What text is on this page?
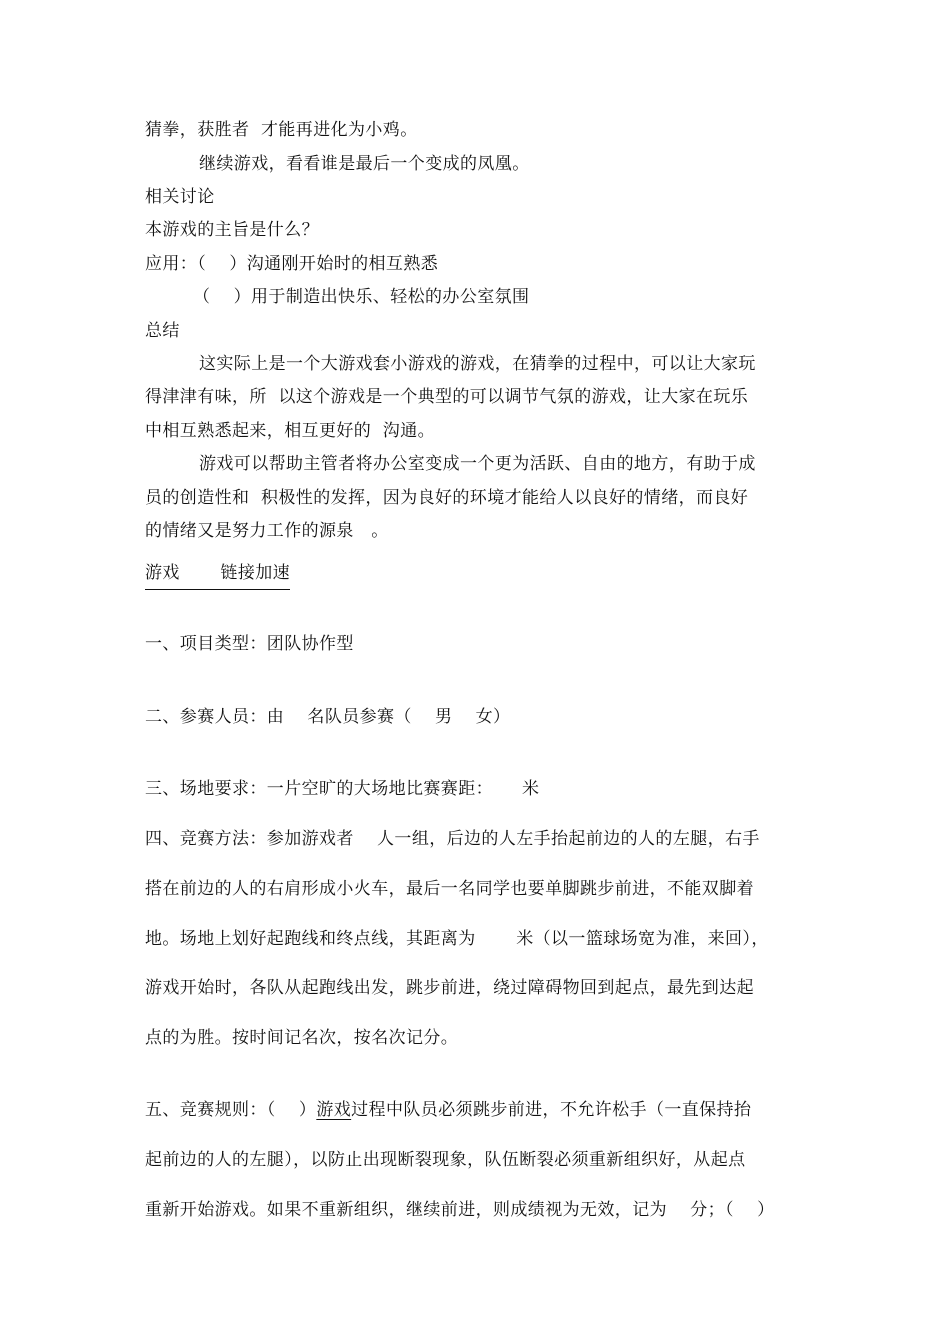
猜拳，获胜者  才能再进化为小鸡。
继续游戏，看看谁是最后一个变成的凤凰。
相关讨论
本游戏的主旨是什么？
应用：（    ）沟通刚开始时的相互熟悉
（    ）用于制造出快乐、轻松的办公室氛围
总结
这实际上是一个大游戏套小游戏的游戏，在猜拳的过程中，可以让大家玩
得津津有味，所  以这个游戏是一个典型的可以调节气氛的游戏，让大家在玩乐
中相互熟悉起来，相互更好的  沟通。
游戏可以帮助主管者将办公室变成一个更为活跃、自由的地方，有助于成
员的创造性和  积极性的发挥，因为良好的环境才能给人以良好的情绪，而良好
的情绪又是努力工作的源泉   。
游戏       链接加速
一、项目类型：团队协作型
二、参赛人员：由    名队员参赛（    男    女）
三、场地要求：一片空旷的大场地比赛赛距：     米
四、竞赛方法：参加游戏者    人一组，后边的人左手抬起前边的人的左腿，右手
搭在前边的人的右肩形成小火车，最后一名同学也要单脚跳步前进，不能双脚着
地。场地上划好起跑线和终点线，其距离为       米（以一篮球场宽为准，来回），
游戏开始时，各队从起跑线出发，跳步前进，绕过障碍物回到起点，最先到达起
点的为胜。按时间记名次，按名次记分。
五、竞赛规则：（    ）游戏过程中队员必须跳步前进，不允许松手（一直保持抬
起前边的人的左腿），以防止出现断裂现象，队伍断裂必须重新组织好，从起点
重新开始游戏。如果不重新组织，继续前进，则成绩视为无效，记为    分；（    ）
